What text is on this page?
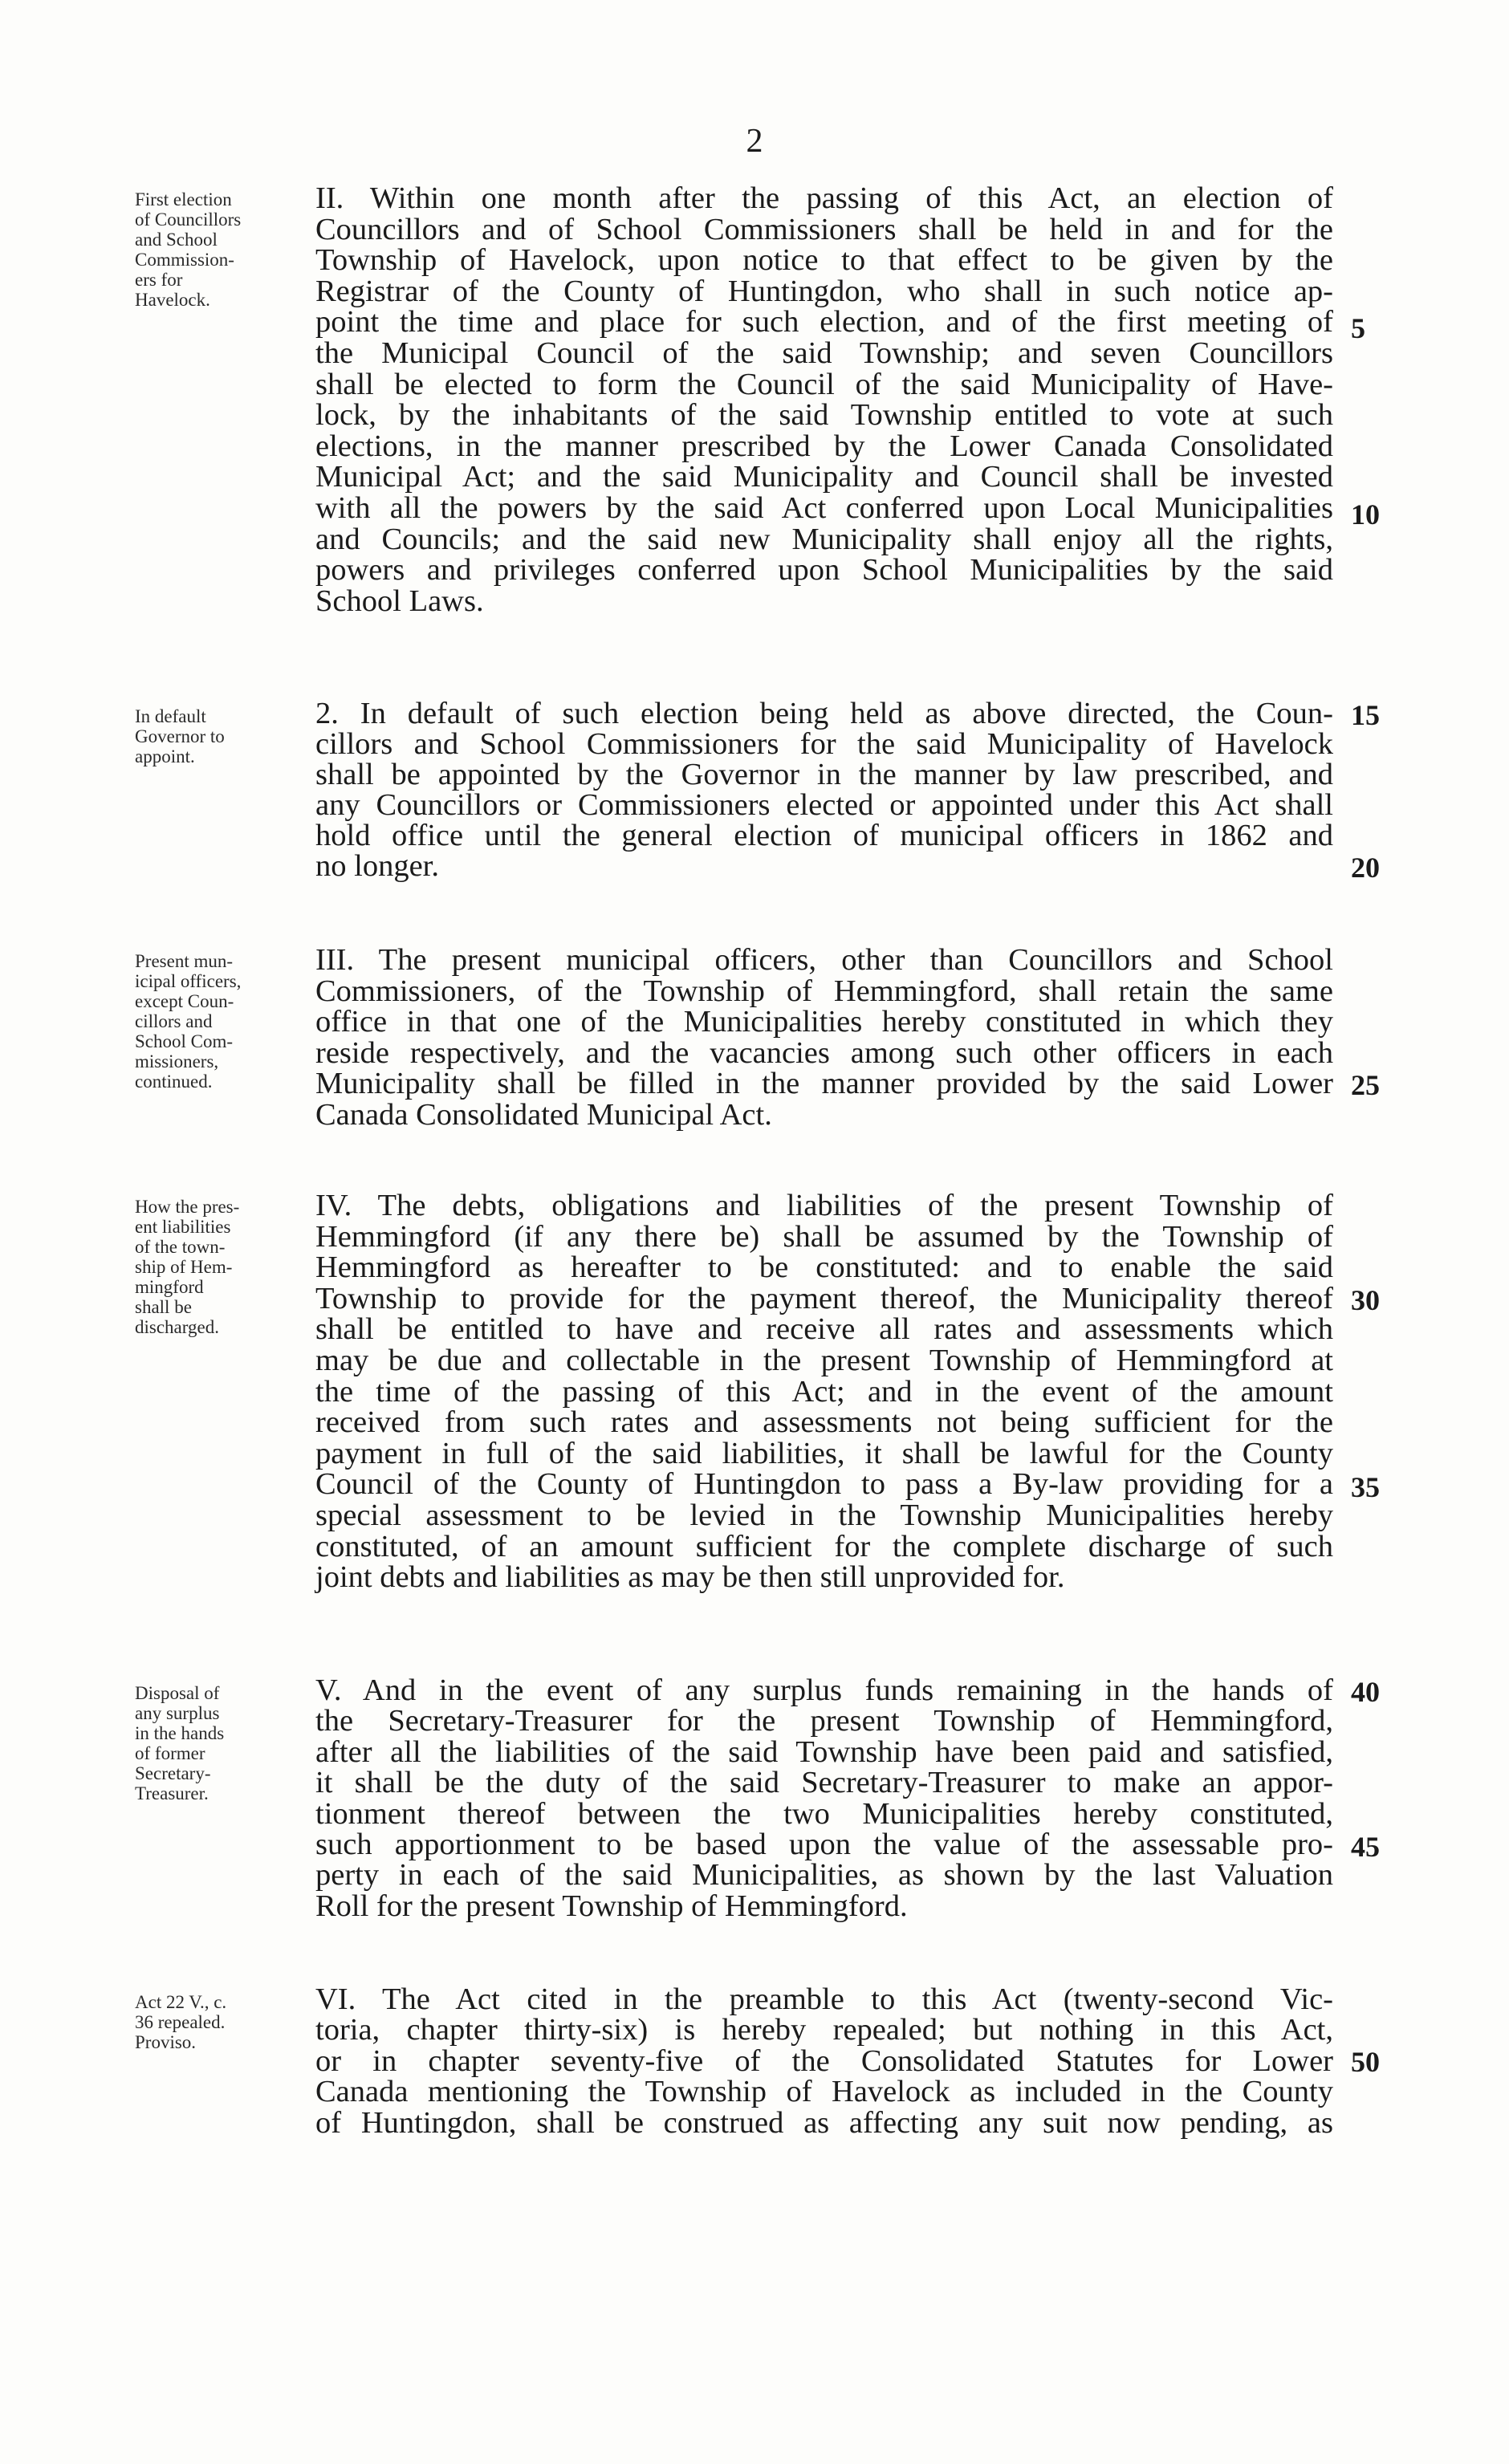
2
First election
of Councillors
and School
Commission-
ers for
Havelock.
II. Within one month after the passing of this Act, an election of
Councillors and of School Commissioners shall be held in and for the
Township of Havelock, upon notice to that effect to be given by the
Registrar of the County of Huntingdon, who shall in such notice ap-
point the time and place for such election, and of the first meeting of
the Municipal Council of the said Township; and seven Councillors
shall be elected to form the Council of the said Municipality of Have-
lock, by the inhabitants of the said Township entitled to vote at such
elections, in the manner prescribed by the Lower Canada Consolidated
Municipal Act; and the said Municipality and Council shall be invested
with all the powers by the said Act conferred upon Local Municipalities
and Councils; and the said new Municipality shall enjoy all the rights,
powers and privileges conferred upon School Municipalities by the said
School Laws.
In default
Governor to
appoint.
2. In default of such election being held as above directed, the Coun-
cillors and School Commissioners for the said Municipality of Havelock
shall be appointed by the Governor in the manner by law prescribed, and
any Councillors or Commissioners elected or appointed under this Act shall
hold office until the general election of municipal officers in 1862 and
no longer.
Present mun-
icipal officers,
except Coun-
cillors and
School Com-
missioners,
continued.
III. The present municipal officers, other than Councillors and School
Commissioners, of the Township of Hemmingford, shall retain the same
office in that one of the Municipalities hereby constituted in which they
reside respectively, and the vacancies among such other officers in each
Municipality shall be filled in the manner provided by the said Lower
Canada Consolidated Municipal Act.
How the pres-
ent liabilities
of the town-
ship of Hem-
mingford
shall be
discharged.
IV. The debts, obligations and liabilities of the present Township of
Hemmingford (if any there be) shall be assumed by the Township of
Hemmingford as hereafter to be constituted: and to enable the said
Township to provide for the payment thereof, the Municipality thereof
shall be entitled to have and receive all rates and assessments which
may be due and collectable in the present Township of Hemmingford at
the time of the passing of this Act; and in the event of the amount
received from such rates and assessments not being sufficient for the
payment in full of the said liabilities, it shall be lawful for the County
Council of the County of Huntingdon to pass a By-law providing for a
special assessment to be levied in the Township Municipalities hereby
constituted, of an amount sufficient for the complete discharge of such
joint debts and liabilities as may be then still unprovided for.
Disposal of
any surplus
in the hands
of former
Secretary-
Treasurer.
V. And in the event of any surplus funds remaining in the hands of
the Secretary-Treasurer for the present Township of Hemmingford,
after all the liabilities of the said Township have been paid and satisfied,
it shall be the duty of the said Secretary-Treasurer to make an appor-
tionment thereof between the two Municipalities hereby constituted,
such apportionment to be based upon the value of the assessable pro-
perty in each of the said Municipalities, as shown by the last Valuation
Roll for the present Township of Hemmingford.
Act 22 V., c.
36 repealed.
Proviso.
VI. The Act cited in the preamble to this Act (twenty-second Vic-
toria, chapter thirty-six) is hereby repealed; but nothing in this Act,
or in chapter seventy-five of the Consolidated Statutes for Lower
Canada mentioning the Township of Havelock as included in the County
of Huntingdon, shall be construed as affecting any suit now pending, as
5
10
15
20
25
30
35
40
45
50
